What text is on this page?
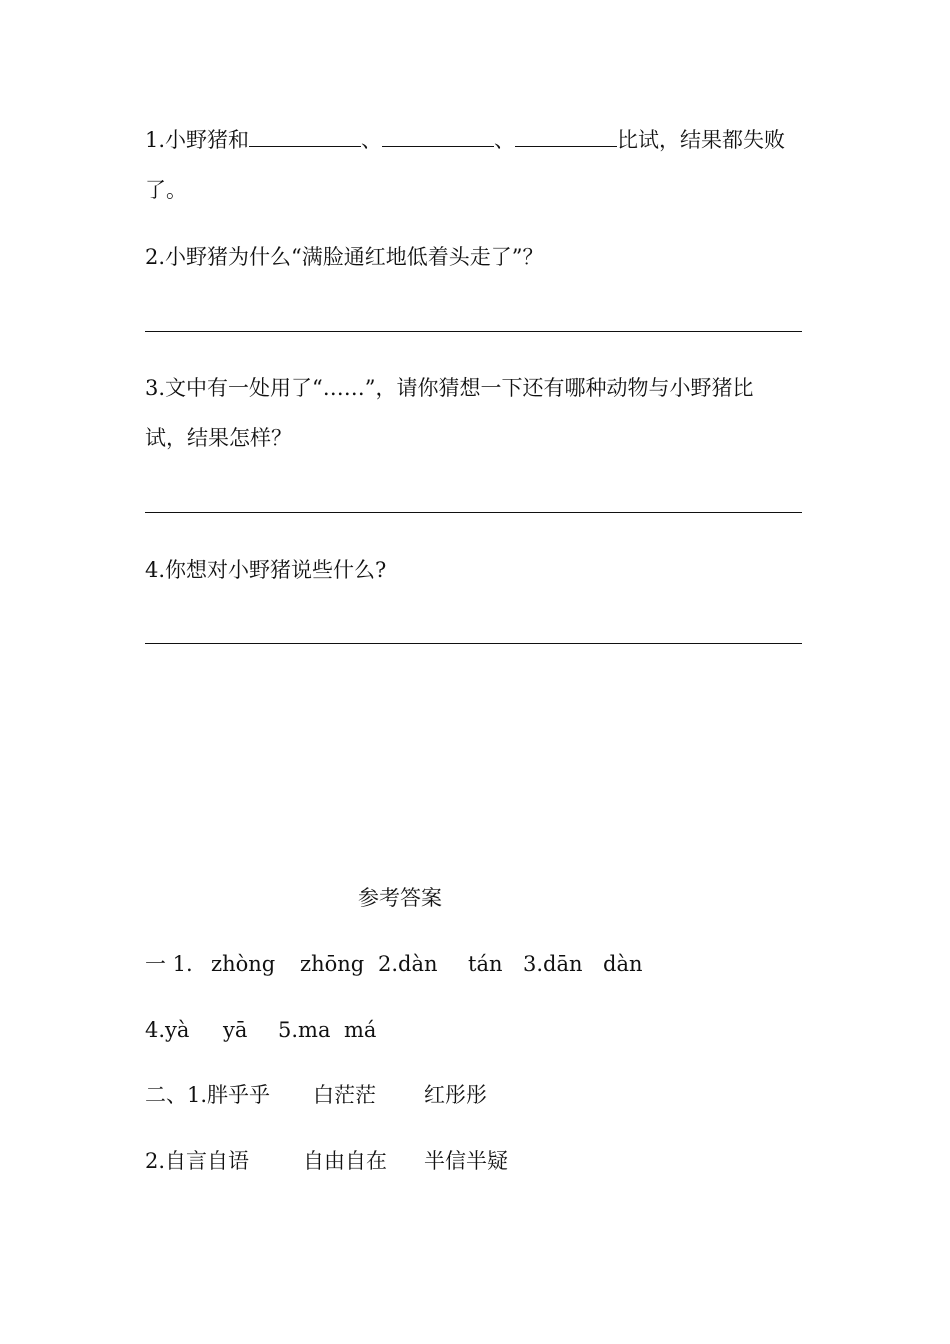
1.小野猪和	、	、	比试，结果都失败
了。
2.小野猪为什么“满脸通红地低着头走了”？
3.文中有一处用了“……”，请你猜想一下还有哪种动物与小野猪比
试，结果怎样？
4.你想对小野猪说些什么?
参考答案
一 1. zhòng zhōng 2.dàn tán 3.dān dàn
4.yà yā 5.ma má
二、1.胖乎乎 白茫茫 红彤彤
2.自言自语	自由自在 半信半疑
